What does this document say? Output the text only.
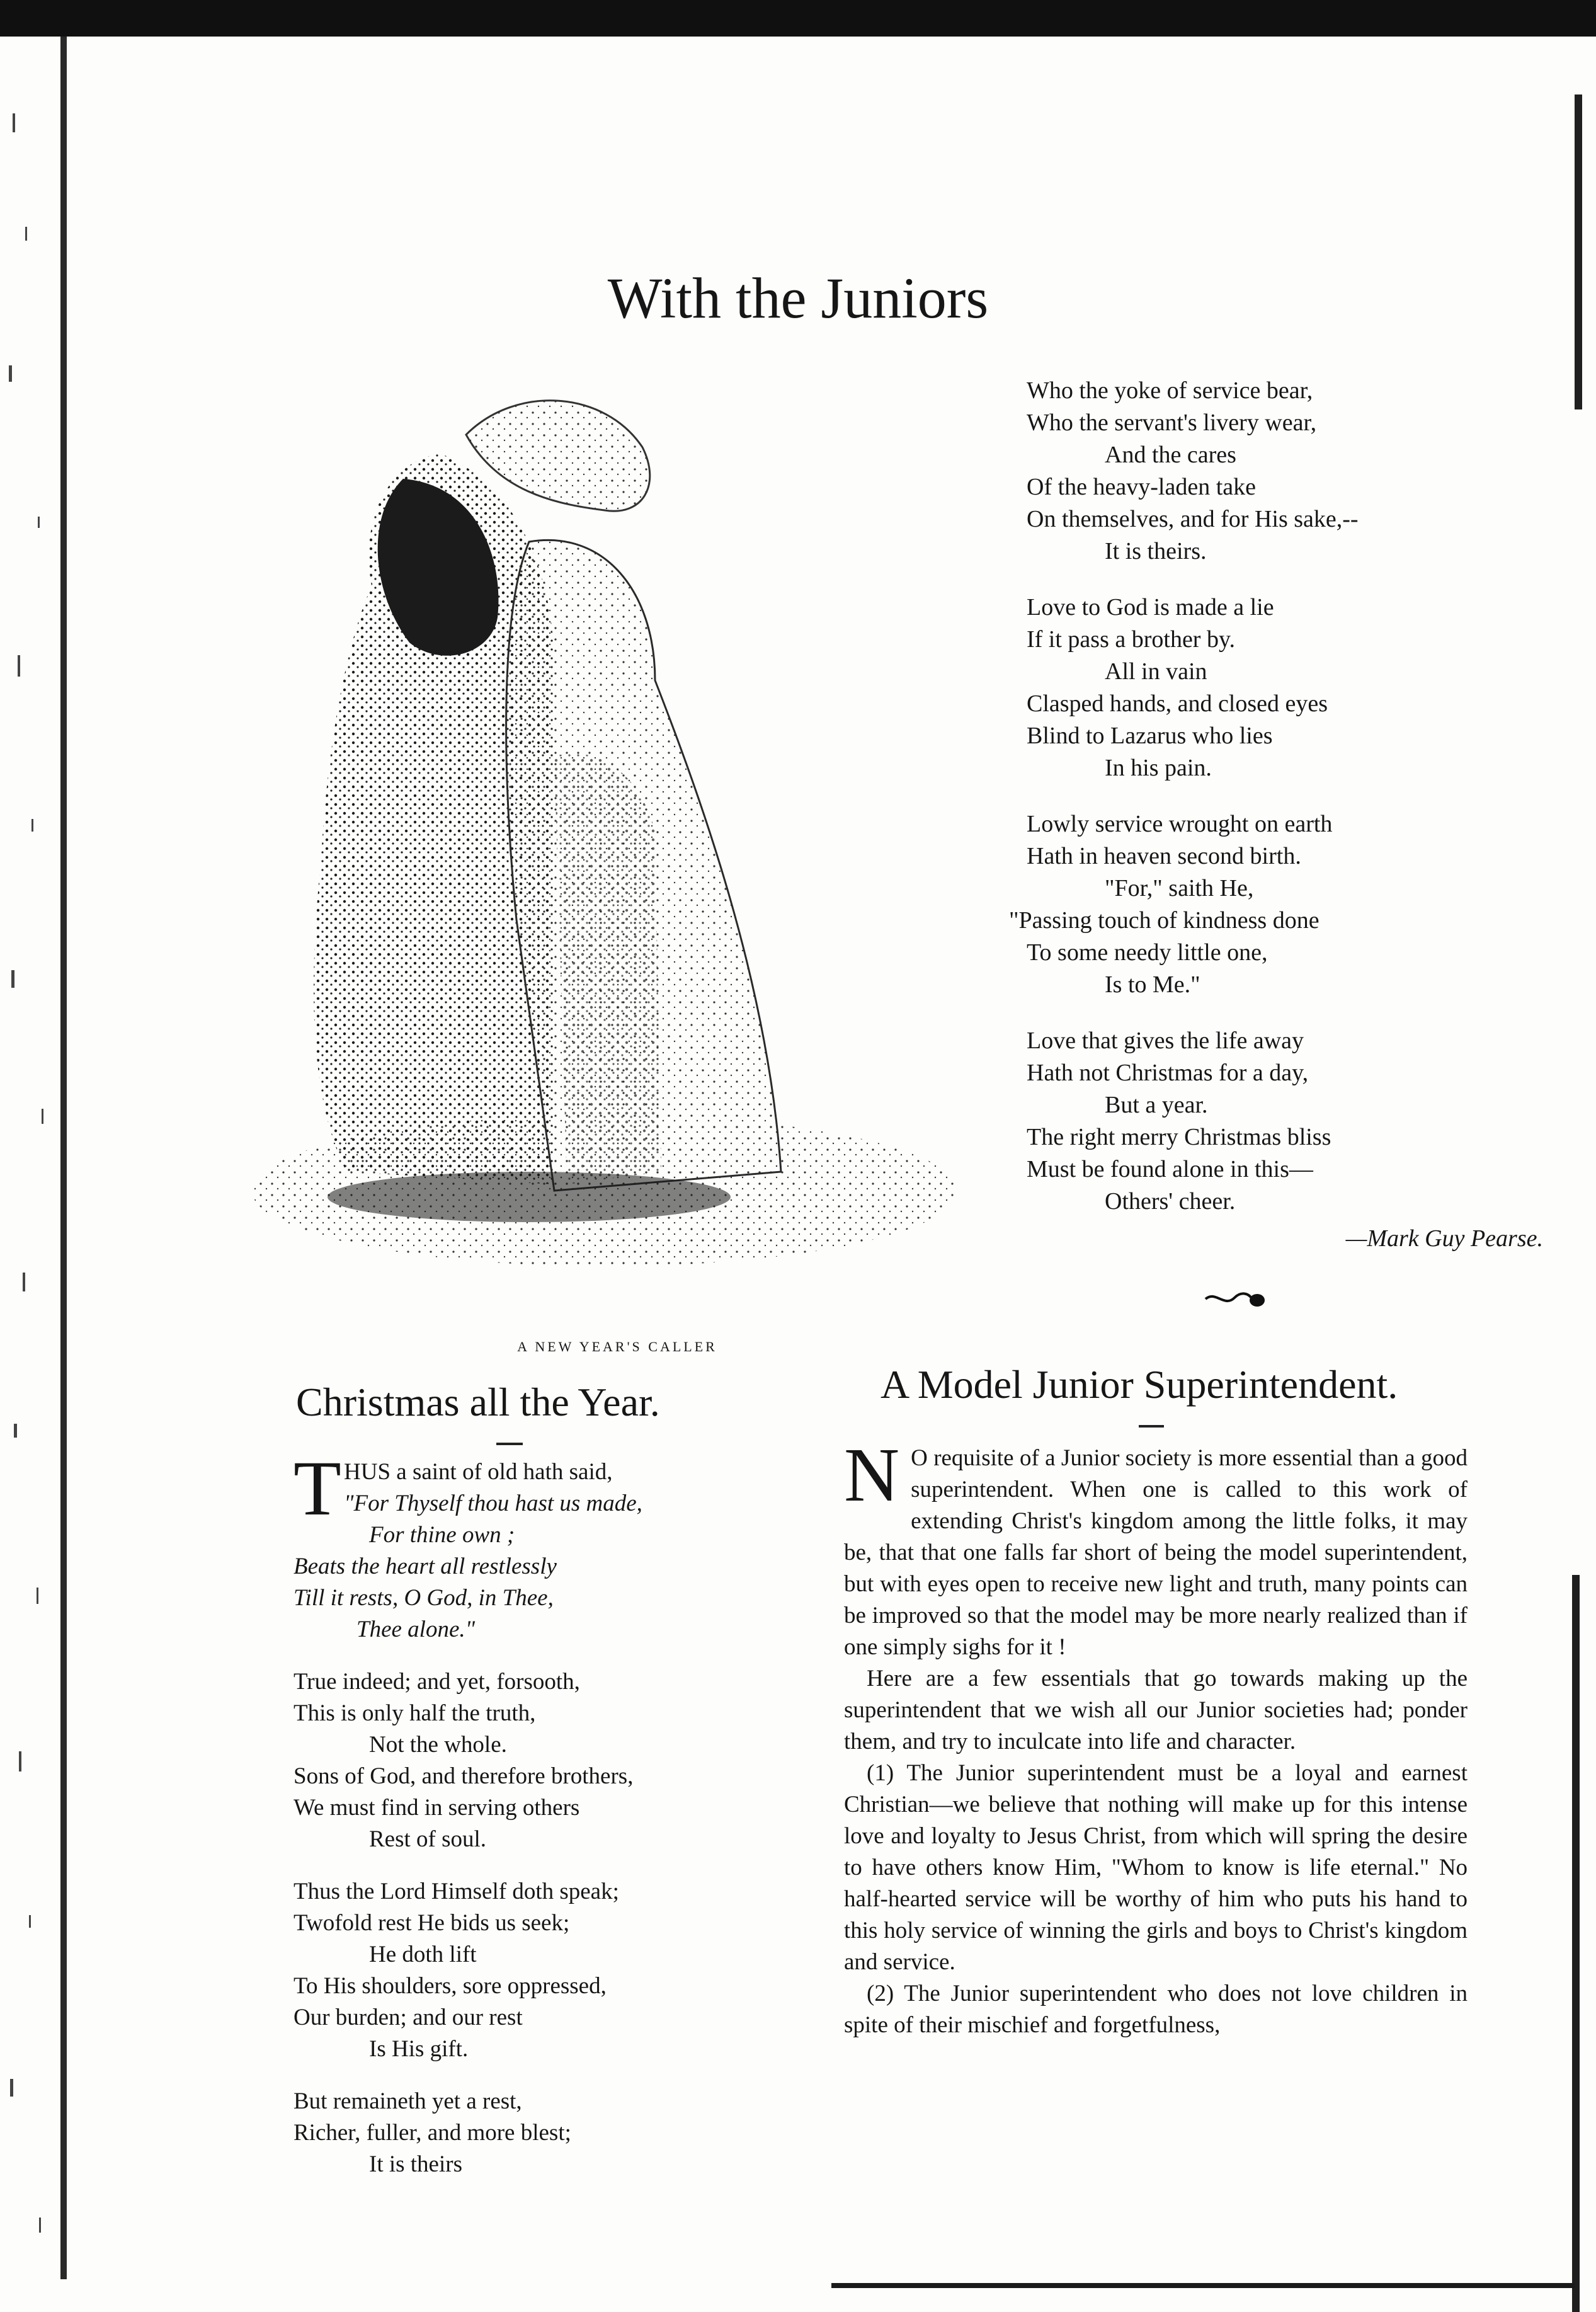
With the Juniors
A NEW YEAR'S CALLER
Who the yoke of service bear,
Who the servant's livery wear,
And the cares
Of the heavy-laden take
On themselves, and for His sake,--
It is theirs.
Love to God is made a lie
If it pass a brother by.
All in vain
Clasped hands, and closed eyes
Blind to Lazarus who lies
In his pain.
Lowly service wrought on earth
Hath in heaven second birth.
"For," saith He,
"Passing touch of kindness done
To some needy little one,
Is to Me."
Love that gives the life away
Hath not Christmas for a day,
But a year.
The right merry Christmas bliss
Must be found alone in this—
Others' cheer.
—Mark Guy Pearse.
Christmas all the Year.	A Model Junior Superintendent.
T HUS a saint of old hath said,
"For Thyself thou hast us made,
For thine own ;
Beats the heart all restlessly
Till it rests, O God, in Thee,
Thee alone."
True indeed; and yet, forsooth,
This is only half the truth,
Not the whole.
Sons of God, and therefore brothers,
We must find in serving others
Rest of soul.
Thus the Lord Himself doth speak;
Twofold rest He bids us seek;
He doth lift
To His shoulders, sore oppressed,
Our burden; and our rest
Is His gift.
But remaineth yet a rest,
Richer, fuller, and more blest;
It is theirs

N O requisite of a Junior society is more essential than a good superintendent. When one is called to this work of extending Christ's kingdom among the little folks, it may be, that that one falls far short of being the model superintendent, but with eyes open to receive new light and truth, many points can be improved so that the model may be more nearly realized than if one simply sighs for it !

Here are a few essentials that go towards making up the superintendent that we wish all our Junior societies had; ponder them, and try to inculcate into life and character.

(1) The Junior superintendent must be a loyal and earnest Christian—we believe that nothing will make up for this intense love and loyalty to Jesus Christ, from which will spring the desire to have others know Him, "Whom to know is life eternal." No half-hearted service will be worthy of him who puts his hand to this holy service of winning the girls and boys to Christ's kingdom and service.

(2) The Junior superintendent who does not love children in spite of their mischief and forgetfulness,
